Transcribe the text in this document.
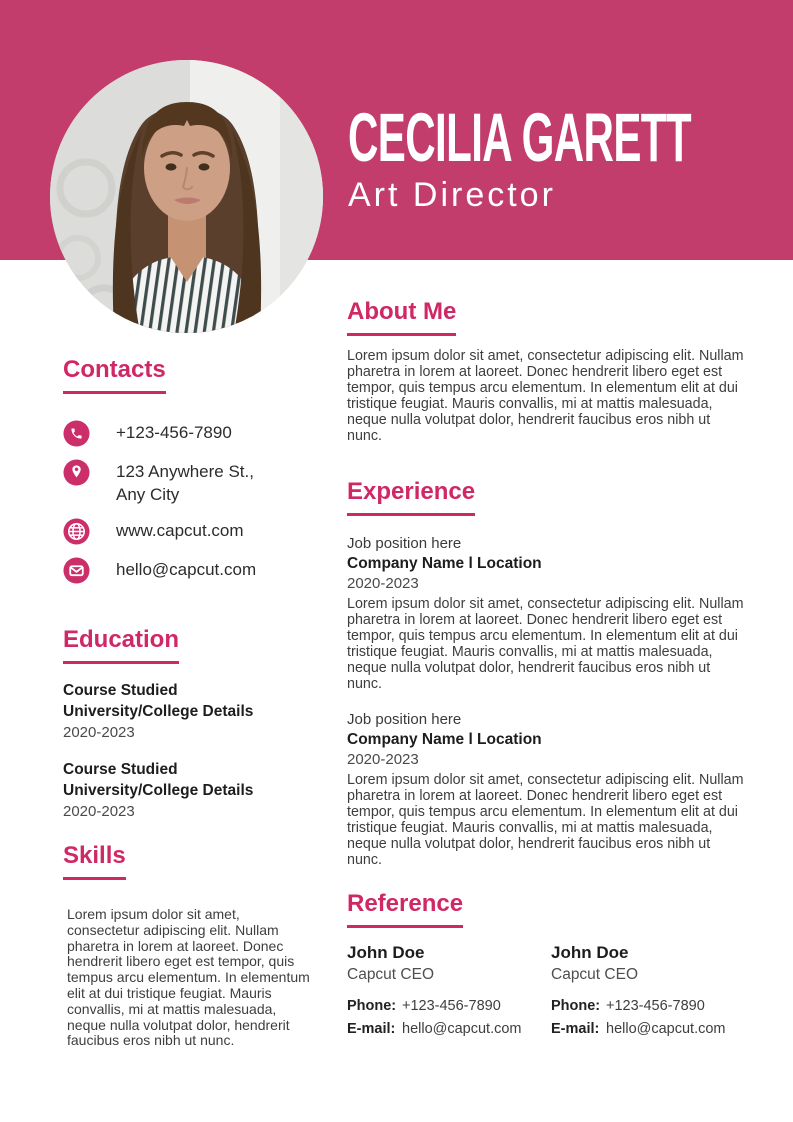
CECILIA GARETT
Art Director
Contacts
+123-456-7890
123 Anywhere St.,
Any City
www.capcut.com
hello@capcut.com
Education
Course Studied
University/College Details
2020-2023
Course Studied
University/College Details
2020-2023
Skills

Lorem ipsum dolor sit amet, consectetur adipiscing elit. Nullam pharetra in lorem at laoreet. Donec hendrerit libero eget est tempor, quis tempus arcu elementum. In elementum elit at dui tristique feugiat. Mauris convallis, mi at mattis malesuada, neque nulla volutpat dolor, hendrerit faucibus eros nibh ut nunc.

About Me

Lorem ipsum dolor sit amet, consectetur adipiscing elit. Nullam pharetra in lorem at laoreet. Donec hendrerit libero eget est tempor, quis tempus arcu elementum. In elementum elit at dui tristique feugiat. Mauris convallis, mi at mattis malesuada, neque nulla volutpat dolor, hendrerit faucibus eros nibh ut nunc.

Experience
Job position here
Company Name l Location
2020-2023

Lorem ipsum dolor sit amet, consectetur adipiscing elit. Nullam pharetra in lorem at laoreet. Donec hendrerit libero eget est tempor, quis tempus arcu elementum. In elementum elit at dui tristique feugiat. Mauris convallis, mi at mattis malesuada, neque nulla volutpat dolor, hendrerit faucibus eros nibh ut nunc.

Job position here
Company Name l Location
2020-2023

Lorem ipsum dolor sit amet, consectetur adipiscing elit. Nullam pharetra in lorem at laoreet. Donec hendrerit libero eget est tempor, quis tempus arcu elementum. In elementum elit at dui tristique feugiat. Mauris convallis, mi at mattis malesuada, neque nulla volutpat dolor, hendrerit faucibus eros nibh ut nunc.

Reference
John Doe
Capcut CEO
Phone: +123-456-7890
E-mail: hello@capcut.com
John Doe
Capcut CEO
Phone: +123-456-7890
E-mail: hello@capcut.com
